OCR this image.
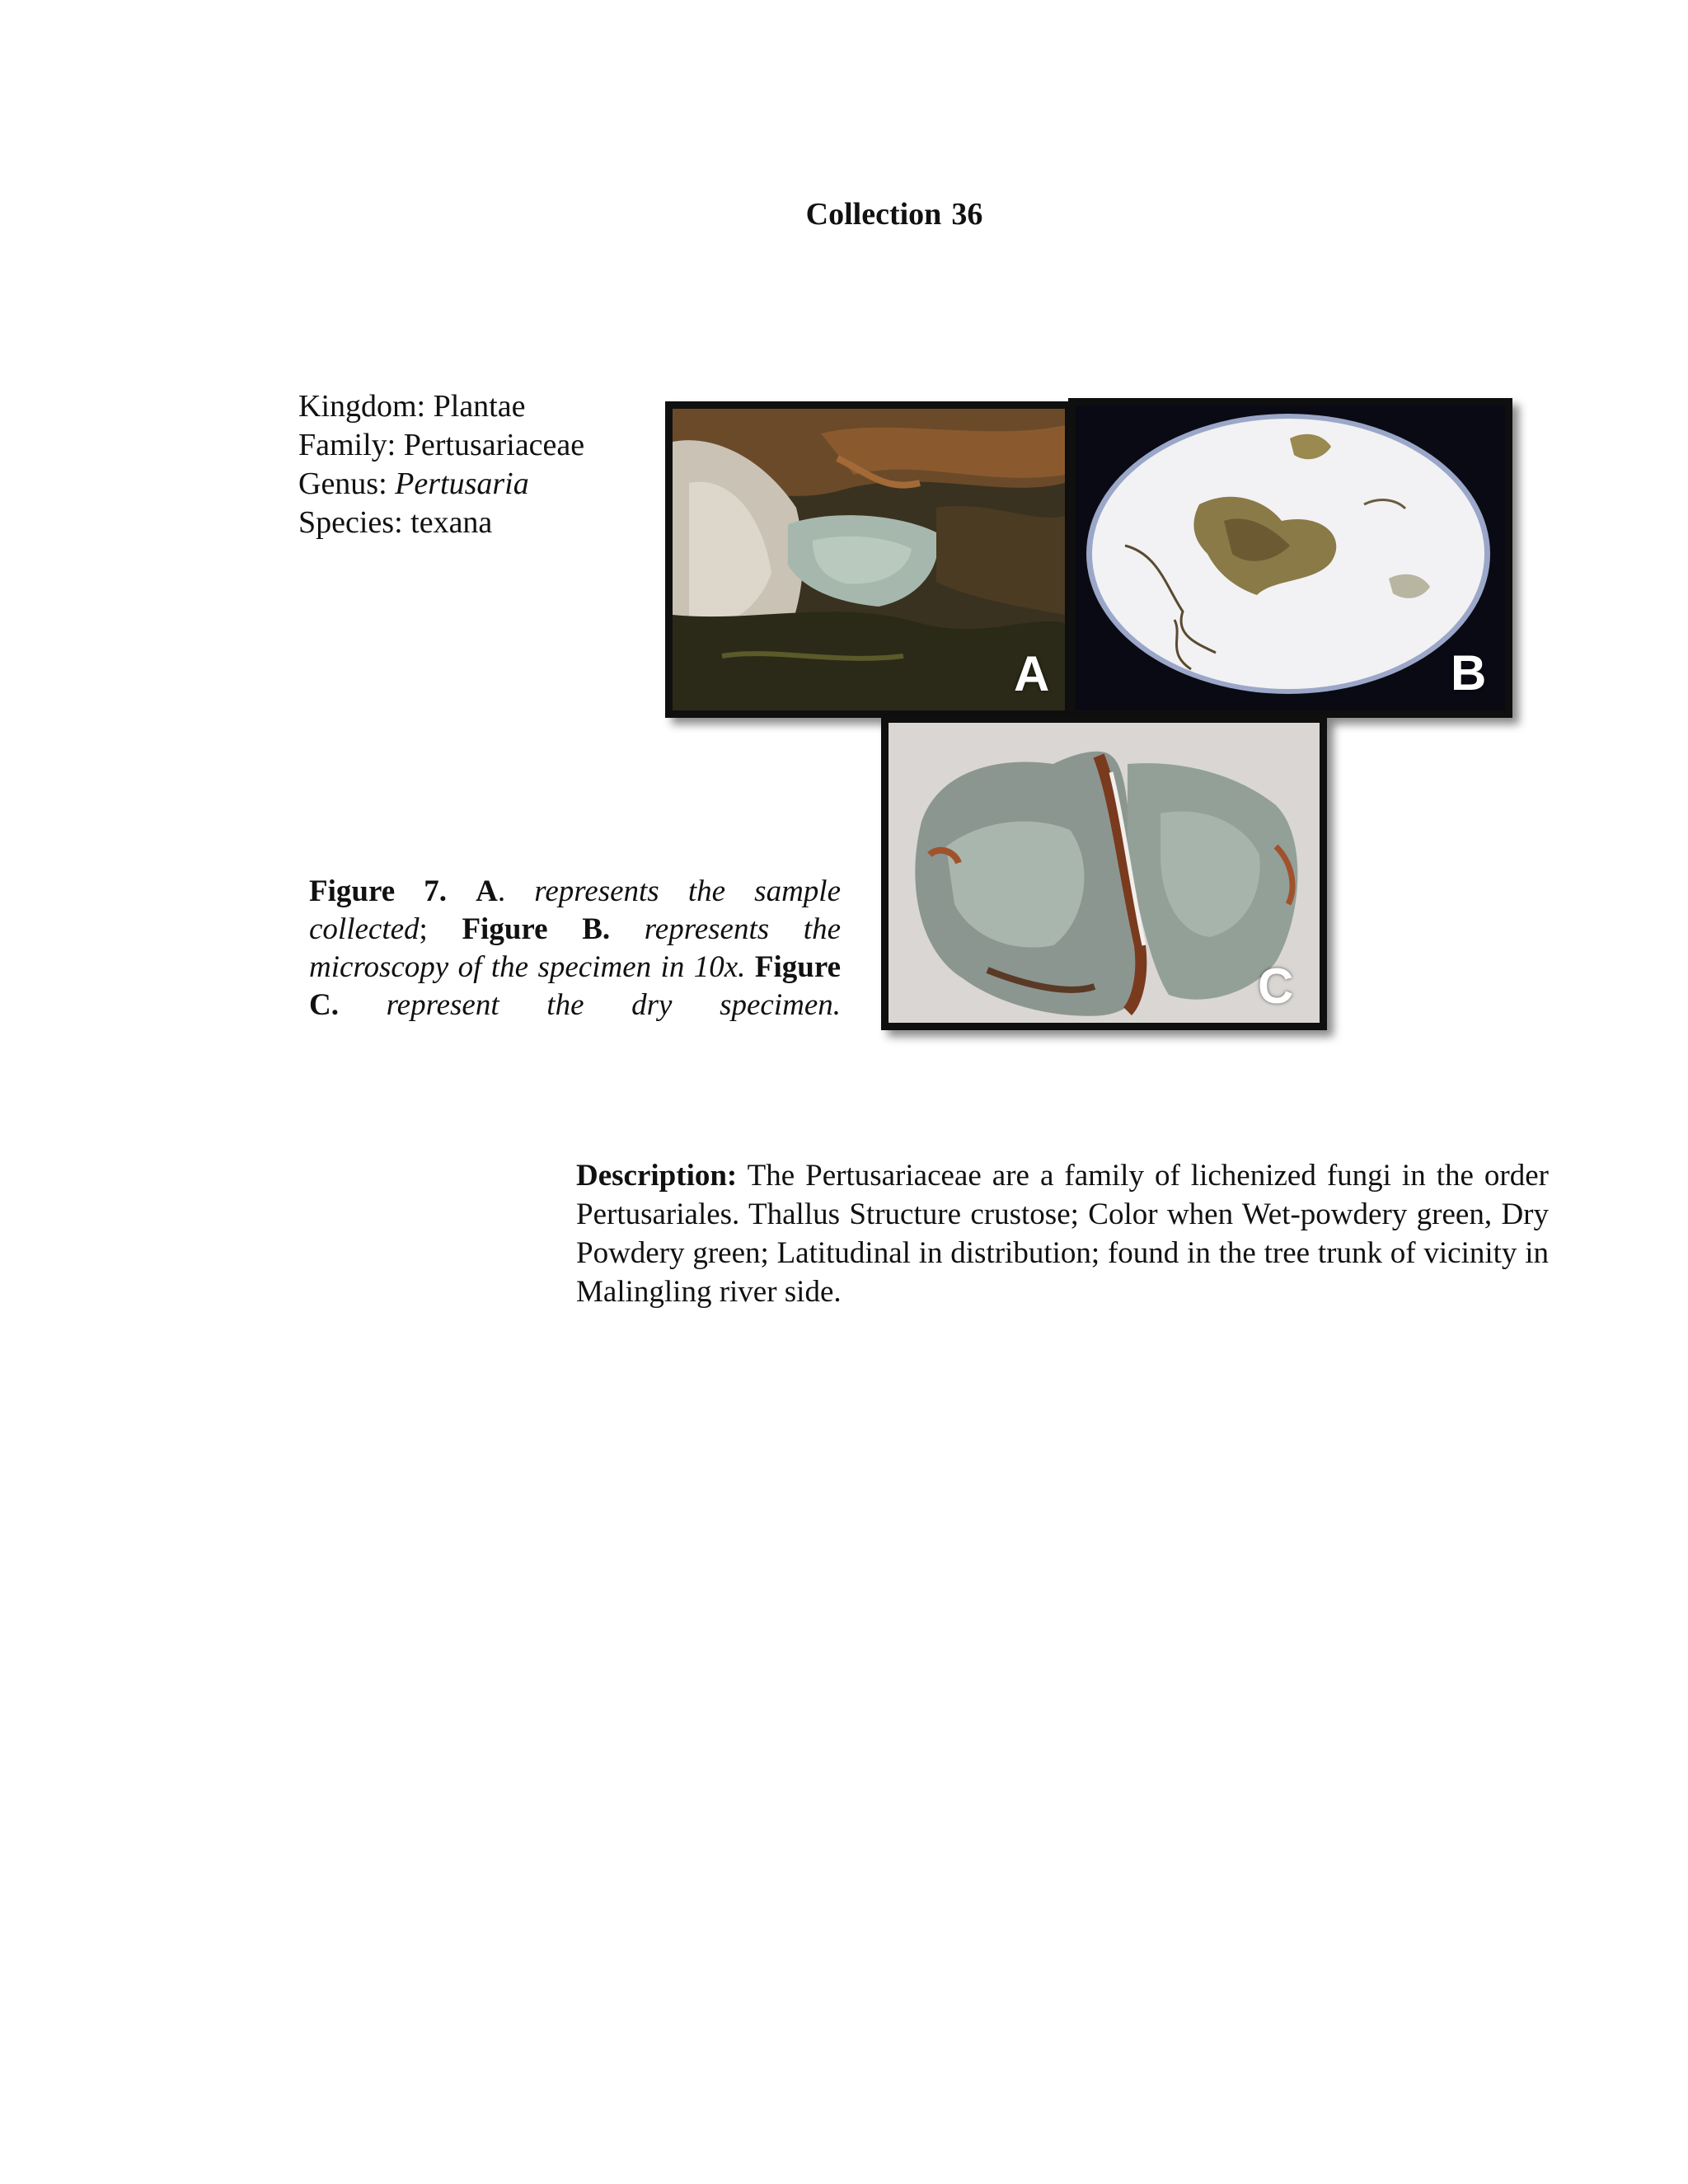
Collection 36
Kingdom: Plantae
Family: Pertusariaceae
Genus: Pertusaria
Species: texana
A	B
C
Figure 7. A. represents the sample collected; Figure B. represents the microscopy of the specimen in 10x. Figure C. represent the dry specimen.
Description: The Pertusariaceae are a family of lichenized fungi in the order Pertusariales. Thallus Structure crustose; Color when Wet-powdery green, Dry Powdery green; Latitudinal in distribution; found in the tree trunk of vicinity in Malingling river side.
